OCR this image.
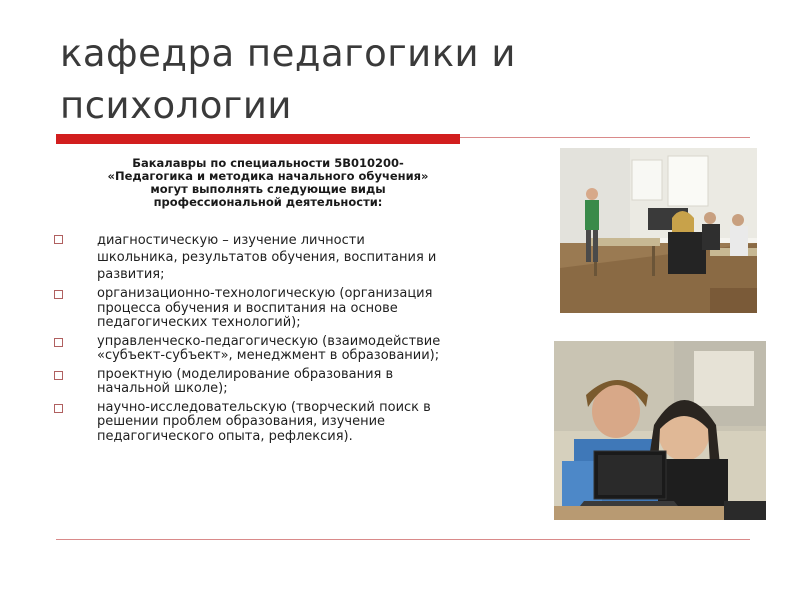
кафедра педагогики и психологии

Бакалавры по специальности 5В010200- «Педагогика и методика начального обучения» могут выполнять следующие виды профессиональной деятельности:

диагностическую – изучение личности школьника, результатов обучения, воспитания и развития;
организационно-технологическую (организация процесса обучения и воспитания на основе педагогических технологий);
управленческо-педагогическую (взаимодействие «субъект-субъект», менеджмент в образовании);
проектную (моделирование образования в начальной школе);
научно-исследовательскую (творческий поиск в решении проблем образования, изучение педагогического опыта, рефлексия).
